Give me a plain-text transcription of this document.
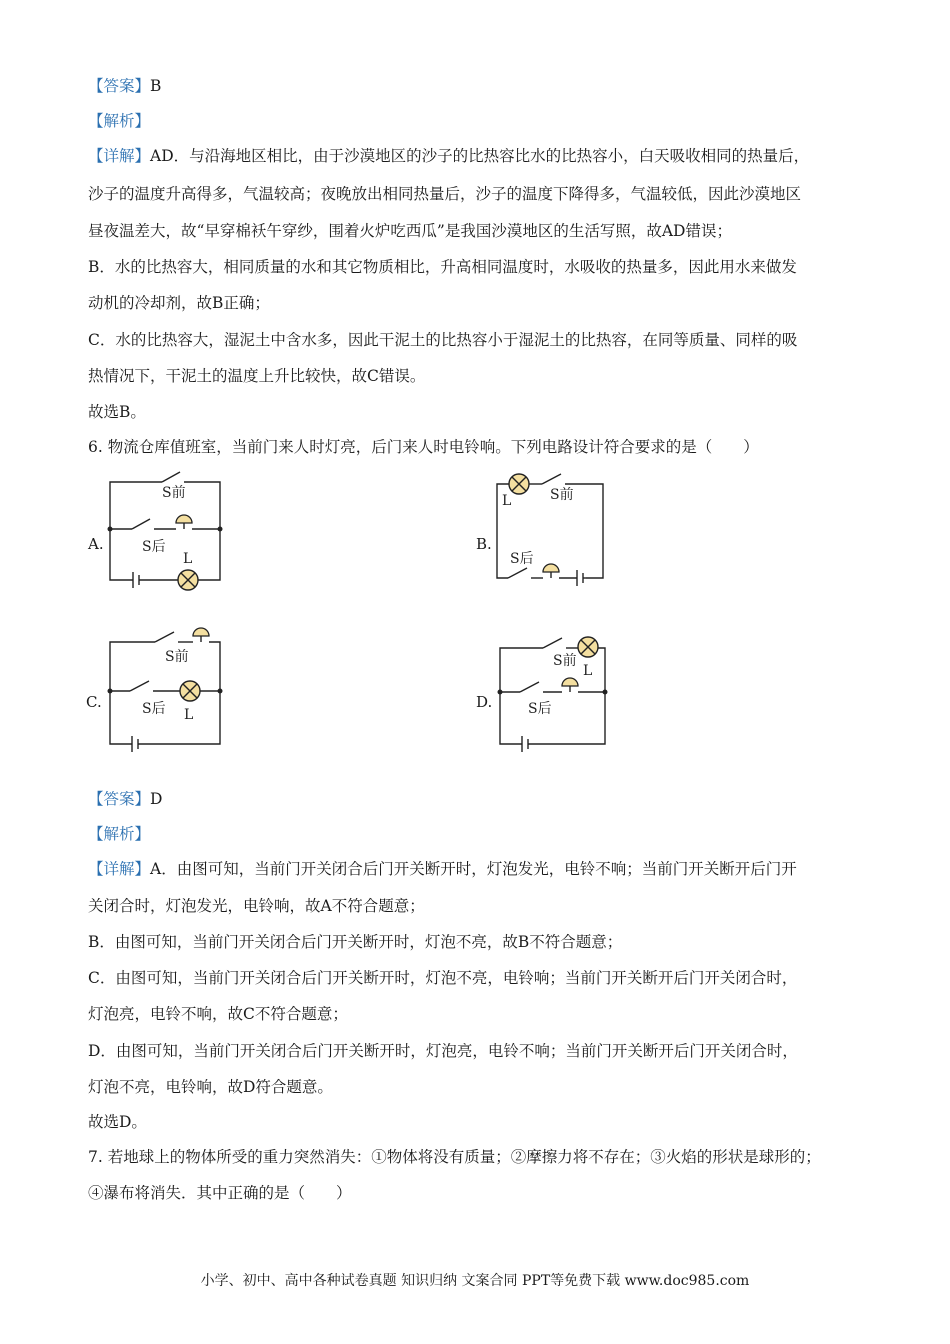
【答案】B
【解析】
【详解】AD．与沿海地区相比，由于沙漠地区的沙子的比热容比水的比热容小，白天吸收相同的热量后，
沙子的温度升高得多，气温较高；夜晚放出相同热量后，沙子的温度下降得多，气温较低，因此沙漠地区
昼夜温差大，故“早穿棉袄午穿纱，围着火炉吃西瓜”是我国沙漠地区的生活写照，故AD错误；
B．水的比热容大，相同质量的水和其它物质相比，升高相同温度时，水吸收的热量多，因此用水来做发
动机的冷却剂，故B正确；
C．水的比热容大，湿泥土中含水多，因此干泥土的比热容小于湿泥土的比热容，在同等质量、同样的吸
热情况下，干泥土的温度上升比较快，故C错误。
故选B。
6. 物流仓库值班室，当前门来人时灯亮，后门来人时电铃响。下列电路设计符合要求的是（　　）
A.	B.
C.	D.
S前
S后
L
L	S前
S后
S前
S后 L
S前
L
S后
【答案】D
【解析】
【详解】A．由图可知，当前门开关闭合后门开关断开时，灯泡发光，电铃不响；当前门开关断开后门开
关闭合时，灯泡发光，电铃响，故A不符合题意；
B．由图可知，当前门开关闭合后门开关断开时，灯泡不亮，故B不符合题意；
C．由图可知，当前门开关闭合后门开关断开时，灯泡不亮，电铃响；当前门开关断开后门开关闭合时，
灯泡亮，电铃不响，故C不符合题意；
D．由图可知，当前门开关闭合后门开关断开时，灯泡亮，电铃不响；当前门开关断开后门开关闭合时，
灯泡不亮，电铃响，故D符合题意。
故选D。
7. 若地球上的物体所受的重力突然消失：①物体将没有质量；②摩擦力将不存在；③火焰的形状是球形的；
④瀑布将消失．其中正确的是（　　）
小学、初中、高中各种试卷真题 知识归纳 文案合同 PPT等免费下载 www.doc985.com
